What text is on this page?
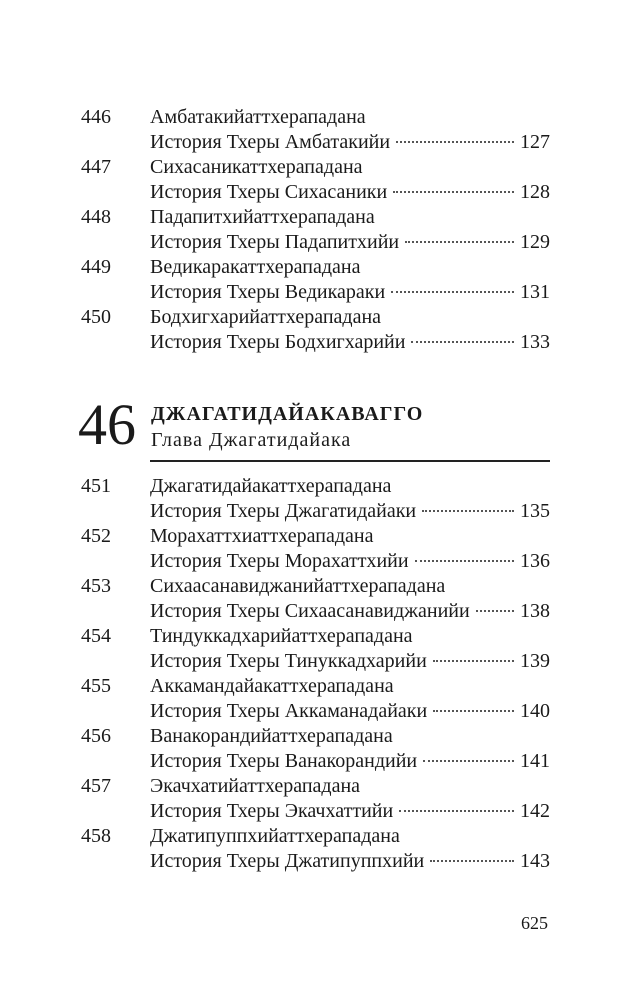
446 Амбатакийаттхерападана
История Тхеры Амбатакийи	127
447 Сихасаникаттхерападана
История Тхеры Сихасаники	128
448 Падапитхийаттхерападана
История Тхеры Падапитхийи	129
449 Ведикаракаттхерападана
История Тхеры Ведикараки	131
450 Бодхигхарийаттхерападана
История Тхеры Бодхигхарийи	133
46 ДЖАГАТИДАЙАКАВАГГО
Глава Джагатидайака
451 Джагатидайакаттхерападана
История Тхеры Джагатидайаки	135
452 Морахаттхиаттхерападана
История Тхеры Морахаттхийи	136
453 Сихаасанавиджанийаттхерападана
История Тхеры Сихаасанавиджанийи	138
454 Тиндуккадхарийаттхерападана
История Тхеры Тинуккадхарийи	139
455 Аккамандайакаттхерападана
История Тхеры Аккаманадайаки	140
456 Ванакорандийаттхерападана
История Тхеры Ванакорандийи	141
457 Экачхатийаттхерападана
История Тхеры Экачхаттийи	142
458 Джатипуппхийаттхерападана
История Тхеры Джатипуппхийи	143
625
